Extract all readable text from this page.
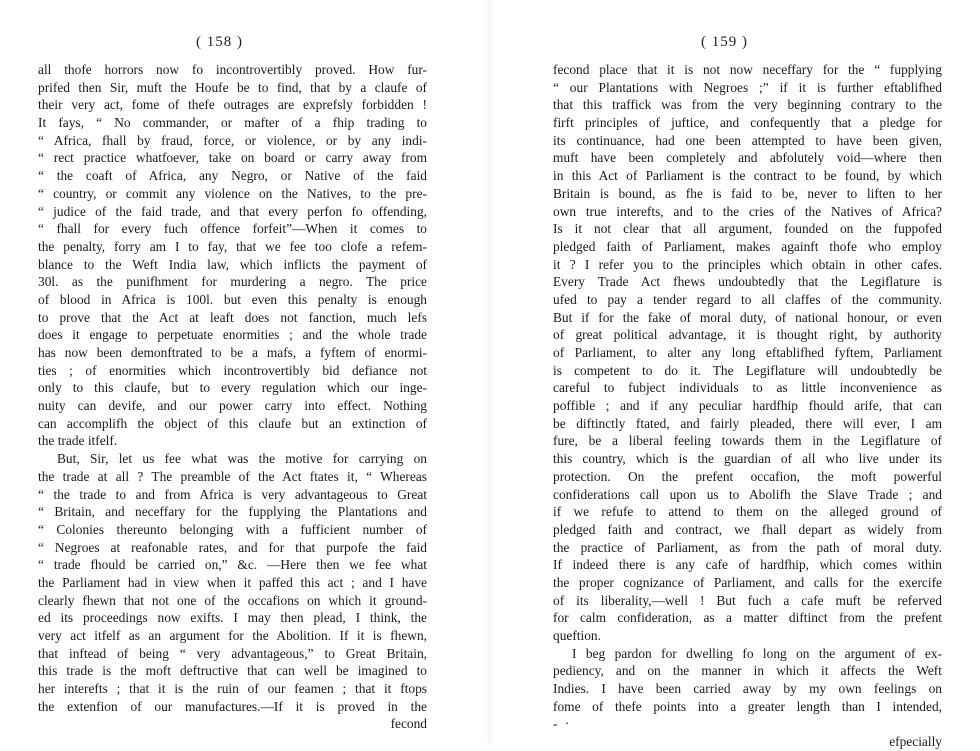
( 158 )
all thofe horrors now fo incontrovertibly proved. How fur-
prifed then Sir, muft the Houfe be to find, that by a claufe of
their very act, fome of thefe outrages are exprefsly forbidden !
It fays, “ No commander, or mafter of a fhip trading to
“ Africa, fhall by fraud, force, or violence, or by any indi-
“ rect practice whatfoever, take on board or carry away from
“ the coaft of Africa, any Negro, or Native of the faid
“ country, or commit any violence on the Natives, to the pre-
“ judice of the faid trade, and that every perfon fo offending,
“ fhall for every fuch offence forfeit”—When it comes to
the penalty, forry am I to fay, that we fee too clofe a refem-
blance to the Weft India law, which inflicts the payment of
30l. as the punifhment for murdering a negro. The price
of blood in Africa is 100l. but even this penalty is enough
to prove that the Act at leaft does not fanction, much lefs
does it engage to perpetuate enormities ; and the whole trade
has now been demonftrated to be a mafs, a fyftem of enormi-
ties ; of enormities which incontrovertibly bid defiance not
only to this claufe, but to every regulation which our inge-
nuity can devife, and our power carry into effect. Nothing
can accomplifh the object of this claufe but an extinction of
the trade itfelf.
But, Sir, let us fee what was the motive for carrying on
the trade at all ? The preamble of the Act ftates it, “ Whereas
“ the trade to and from Africa is very advantageous to Great
“ Britain, and neceffary for the fupplying the Plantations and
“ Colonies thereunto belonging with a fufficient number of
“ Negroes at reafonable rates, and for that purpofe the faid
“ trade fhould be carried on,” &c. —Here then we fee what
the Parliament had in view when it paffed this act ; and I have
clearly fhewn that not one of the occafions on which it ground-
ed its proceedings now exifts. I may then plead, I think, the
very act itfelf as an argument for the Abolition. If it is fhewn,
that inftead of being “ very advantageous,” to Great Britain,
this trade is the moft deftructive that can well be imagined to
her interefts ; that it is the ruin of our feamen ; that it ftops
the extenfion of our manufactures.—If it is proved in the
fecond
( 159 )
fecond place that it is not now neceffary for the “ fupplying
“ our Plantations with Negroes ;” if it is further eftablifhed
that this traffick was from the very beginning contrary to the
firft principles of juftice, and confequently that a pledge for
its continuance, had one been attempted to have been given,
muft have been completely and abfolutely void—where then
in this Act of Parliament is the contract to be found, by which
Britain is bound, as fhe is faid to be, never to liften to her
own true interefts, and to the cries of the Natives of Africa?
Is it not clear that all argument, founded on the fuppofed
pledged faith of Parliament, makes againft thofe who employ
it ? I refer you to the principles which obtain in other cafes.
Every Trade Act fhews undoubtedly that the Legiflature is
ufed to pay a tender regard to all claffes of the community.
But if for the fake of moral duty, of national honour, or even
of great political advantage, it is thought right, by authority
of Parliament, to alter any long eftablifhed fyftem, Parliament
is competent to do it. The Legiflature will undoubtedly be
careful to fubject individuals to as little inconvenience as
poffible ; and if any peculiar hardfhip fhould arife, that can
be diftinctly ftated, and fairly pleaded, there will ever, I am
fure, be a liberal feeling towards them in the Legiflature of
this country, which is the guardian of all who live under its
protection. On the prefent occafion, the moft powerful
confiderations call upon us to Abolifh the Slave Trade ; and
if we refufe to attend to them on the alleged ground of
pledged faith and contract, we fhall depart as widely from
the practice of Parliament, as from the path of moral duty.
If indeed there is any cafe of hardfhip, which comes within
the proper cognizance of Parliament, and calls for the exercife
of its liberality,—well ! But fuch a cafe muft be referved
for calm confideration, as a matter diftinct from the prefent
queftion.
I beg pardon for dwelling fo long on the argument of ex-
pediency, and on the manner in which it affects the Weft
Indies. I have been carried away by my own feelings on
fome of thefe points into a greater length than I intended,
- ·
efpecially
